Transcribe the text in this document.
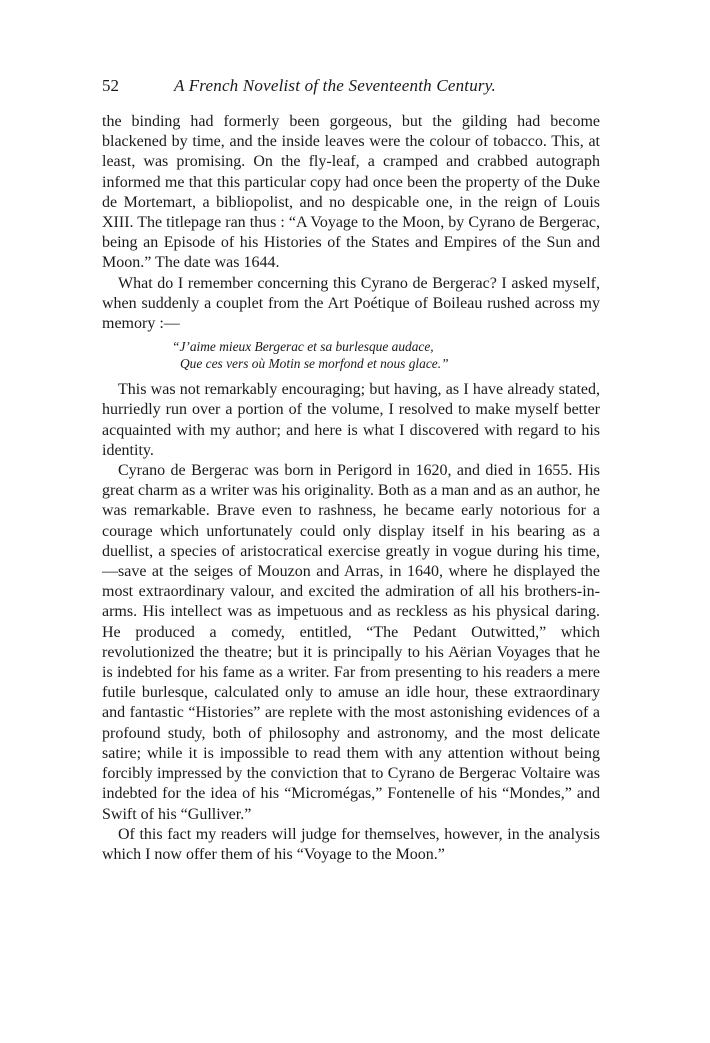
52	A French Novelist of the Seventeenth Century.

the binding had formerly been gorgeous, but the gilding had become blackened by time, and the inside leaves were the colour of tobacco. This, at least, was promising. On the fly-leaf, a cramped and crabbed autograph informed me that this particular copy had once been the property of the Duke de Mortemart, a bibliopolist, and no despicable one, in the reign of Louis XIII. The titlepage ran thus : “A Voyage to the Moon, by Cyrano de Bergerac, being an Episode of his Histories of the States and Empires of the Sun and Moon.” The date was 1644.

What do I remember concerning this Cyrano de Bergerac? I asked myself, when suddenly a couplet from the Art Poétique of Boileau rushed across my memory :—

“J’aime mieux Bergerac et sa burlesque audace,
Que ces vers où Motin se morfond et nous glace.”

This was not remarkably encouraging; but having, as I have already stated, hurriedly run over a portion of the volume, I resolved to make myself better acquainted with my author; and here is what I discovered with regard to his identity.

Cyrano de Bergerac was born in Perigord in 1620, and died in 1655. His great charm as a writer was his originality. Both as a man and as an author, he was remarkable. Brave even to rashness, he became early notorious for a courage which unfortunately could only display itself in his bearing as a duellist, a species of aristocratical exercise greatly in vogue during his time, —save at the seiges of Mouzon and Arras, in 1640, where he displayed the most extraordinary valour, and excited the admiration of all his brothers-in-arms. His intellect was as impetuous and as reckless as his physical daring. He produced a comedy, entitled, “The Pedant Outwitted,” which revolutionized the theatre; but it is principally to his Aërian Voyages that he is indebted for his fame as a writer. Far from presenting to his readers a mere futile burlesque, calculated only to amuse an idle hour, these extraordinary and fantastic “Histories” are replete with the most astonishing evidences of a profound study, both of philosophy and astronomy, and the most delicate satire; while it is impossible to read them with any attention without being forcibly impressed by the conviction that to Cyrano de Bergerac Voltaire was indebted for the idea of his “Micromégas,” Fontenelle of his “Mondes,” and Swift of his “Gulliver.”

Of this fact my readers will judge for themselves, however, in the analysis which I now offer them of his “Voyage to the Moon.”
